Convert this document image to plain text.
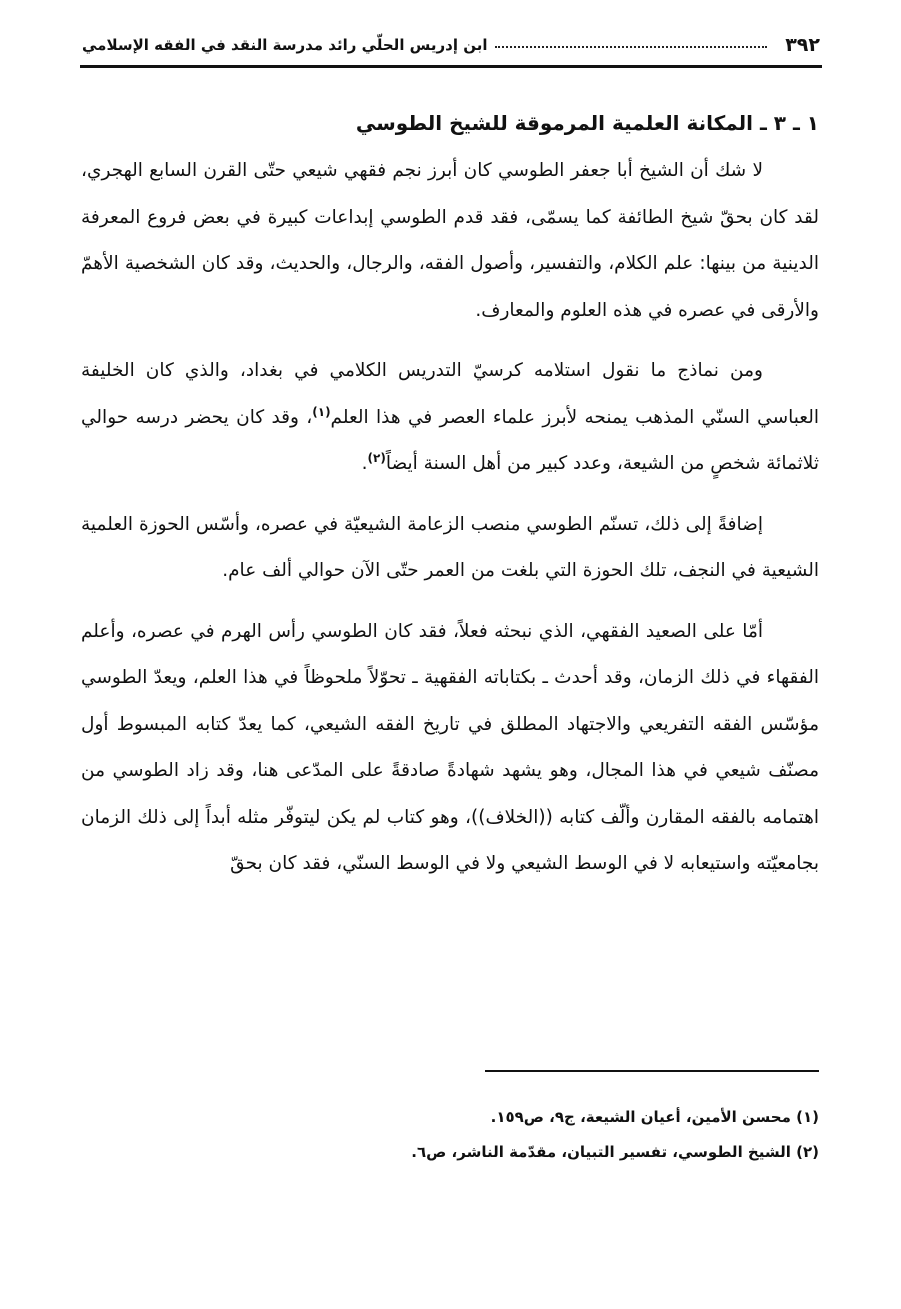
٣٩٢
ابن إدريس الحلّي رائد مدرسة النقد في الفقه الإسلامي
١ ـ ٣ ـ المكانة العلمية المرموقة للشيخ الطوسي

لا شك أن الشيخ أبا جعفر الطوسي كان أبرز نجم فقهي شيعي حتّى القرن السابع الهجري، لقد كان بحقّ شيخ الطائفة كما يسمّى، فقد قدم الطوسي إبداعات كبيرة في بعض فروع المعرفة الدينية من بينها: علم الكلام، والتفسير، وأصول الفقه، والرجال، والحديث، وقد كان الشخصية الأهمّ والأرقى في عصره في هذه العلوم والمعارف.

ومن نماذج ما نقول استلامه كرسيّ التدريس الكلامي في بغداد، والذي كان الخليفة العباسي السنّي المذهب يمنحه لأبرز علماء العصر في هذا العلم$^{(١)}$، وقد كان يحضر درسه حوالي ثلاثمائة شخصٍ من الشيعة، وعدد كبير من أهل السنة أيضاً$^{(٢)}$.

إضافةً إلى ذلك، تسنّم الطوسي منصب الزعامة الشيعيّة في عصره، وأسّس الحوزة العلمية الشيعية في النجف، تلك الحوزة التي بلغت من العمر حتّى الآن حوالي ألف عام.

أمّا على الصعيد الفقهي، الذي نبحثه فعلاً، فقد كان الطوسي رأس الهرم في عصره، وأعلم الفقهاء في ذلك الزمان، وقد أحدث ـ بكتاباته الفقهية ـ تحوّلاً ملحوظاً في هذا العلم، ويعدّ الطوسي مؤسّس الفقه التفريعي والاجتهاد المطلق في تاريخ الفقه الشيعي، كما يعدّ كتابه المبسوط أول مصنّف شيعي في هذا المجال، وهو يشهد شهادةً صادقةً على المدّعى هنا، وقد زاد الطوسي من اهتمامه بالفقه المقارن وألّف كتابه ((الخلاف))، وهو كتاب لم يكن ليتوفّر مثله أبداً إلى ذلك الزمان بجامعيّته واستيعابه لا في الوسط الشيعي ولا في الوسط السنّي، فقد كان بحقّ

(١) محسن الأمين، أعيان الشيعة، ج٩، ص١٥٩.

(٢) الشيخ الطوسي، تفسير التبيان، مقدّمة الناشر، ص٦.
